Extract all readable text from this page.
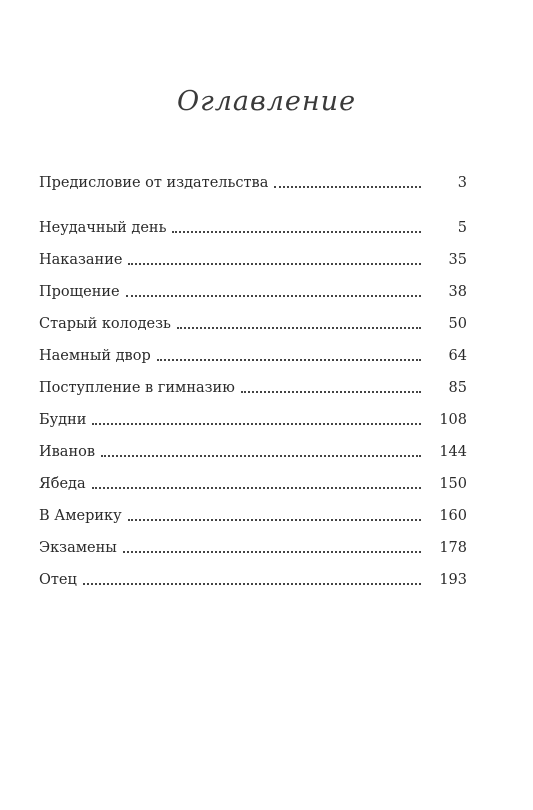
Оглавление
Предисловие от издательства	3
Неудачный день	5
Наказание	35
Прощение	38
Старый колодезь	50
Наемный двор	64
Поступление в гимназию	85
Будни	108
Иванов	144
Ябеда	150
В Америку	160
Экзамены	178
Отец	193
